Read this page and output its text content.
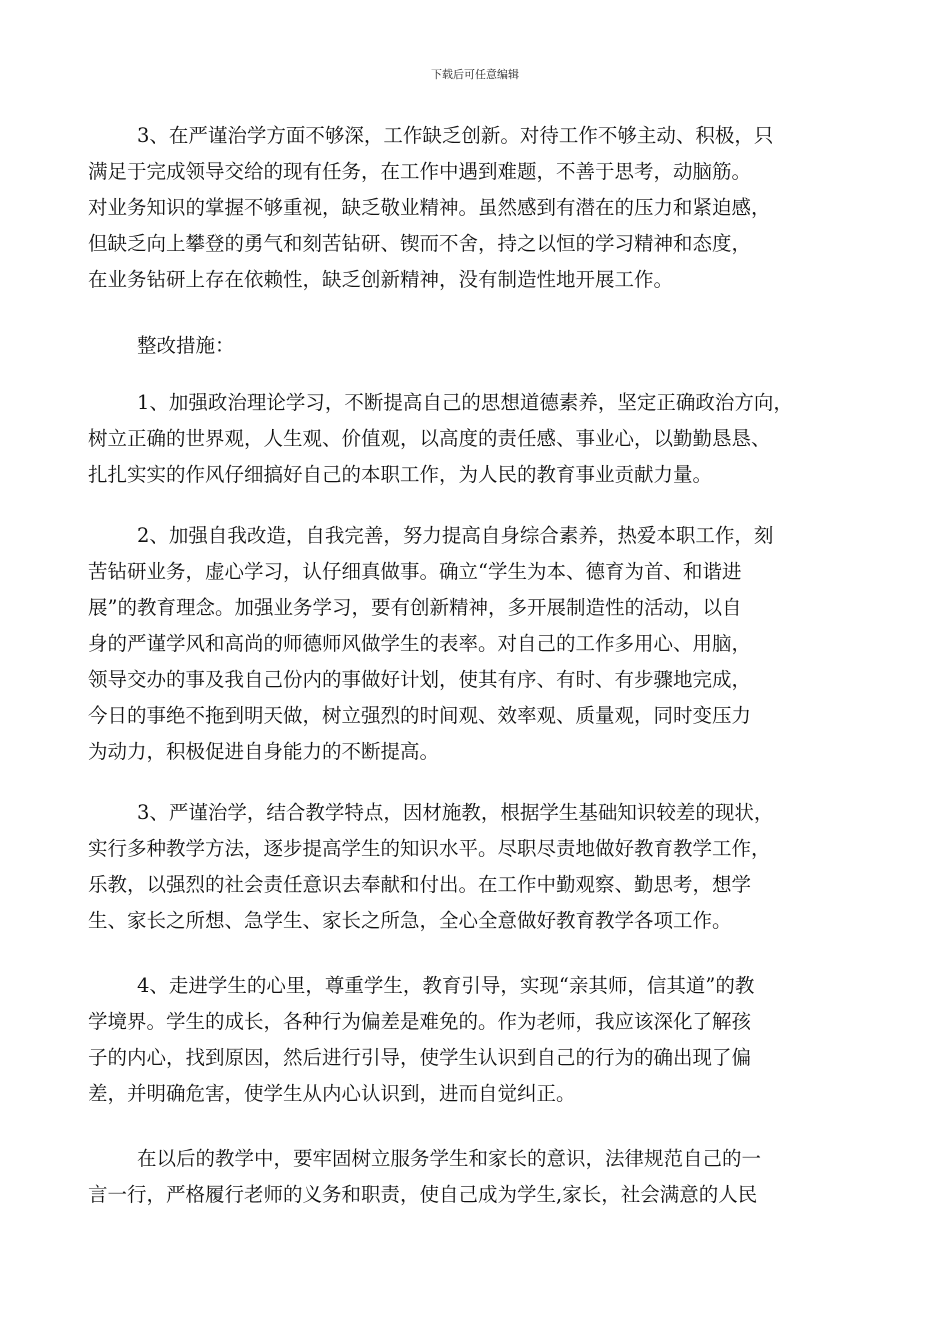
下载后可任意编辑

3、在严谨治学方面不够深，工作缺乏创新。对待工作不够主动、积极，只
满足于完成领导交给的现有任务，在工作中遇到难题，不善于思考，动脑筋。
对业务知识的掌握不够重视，缺乏敬业精神。虽然感到有潜在的压力和紧迫感，
但缺乏向上攀登的勇气和刻苦钻研、锲而不舍，持之以恒的学习精神和态度，
在业务钻研上存在依赖性，缺乏创新精神，没有制造性地开展工作。

整改措施：

1、加强政治理论学习，不断提高自己的思想道德素养，坚定正确政治方向，
树立正确的世界观，人生观、价值观，以高度的责任感、事业心，以勤勤恳恳、
扎扎实实的作风仔细搞好自己的本职工作，为人民的教育事业贡献力量。

2、加强自我改造，自我完善，努力提高自身综合素养，热爱本职工作，刻
苦钻研业务，虚心学习，认仔细真做事。确立“学生为本、德育为首、和谐进
展”的教育理念。加强业务学习，要有创新精神，多开展制造性的活动，以自
身的严谨学风和高尚的师德师风做学生的表率。对自己的工作多用心、用脑，
领导交办的事及我自己份内的事做好计划，使其有序、有时、有步骤地完成，
今日的事绝不拖到明天做，树立强烈的时间观、效率观、质量观，同时变压力
为动力，积极促进自身能力的不断提高。

3、严谨治学，结合教学特点，因材施教，根据学生基础知识较差的现状，
实行多种教学方法，逐步提高学生的知识水平。尽职尽责地做好教育教学工作，
乐教，以强烈的社会责任意识去奉献和付出。在工作中勤观察、勤思考，想学
生、家长之所想、急学生、家长之所急，全心全意做好教育教学各项工作。

4、走进学生的心里，尊重学生，教育引导，实现“亲其师，信其道”的教
学境界。学生的成长，各种行为偏差是难免的。作为老师，我应该深化了解孩
子的内心，找到原因，然后进行引导，使学生认识到自己的行为的确出现了偏
差，并明确危害，使学生从内心认识到，进而自觉纠正。

在以后的教学中，要牢固树立服务学生和家长的意识，法律规范自己的一
言一行，严格履行老师的义务和职责，使自己成为学生,家长，社会满意的人民
